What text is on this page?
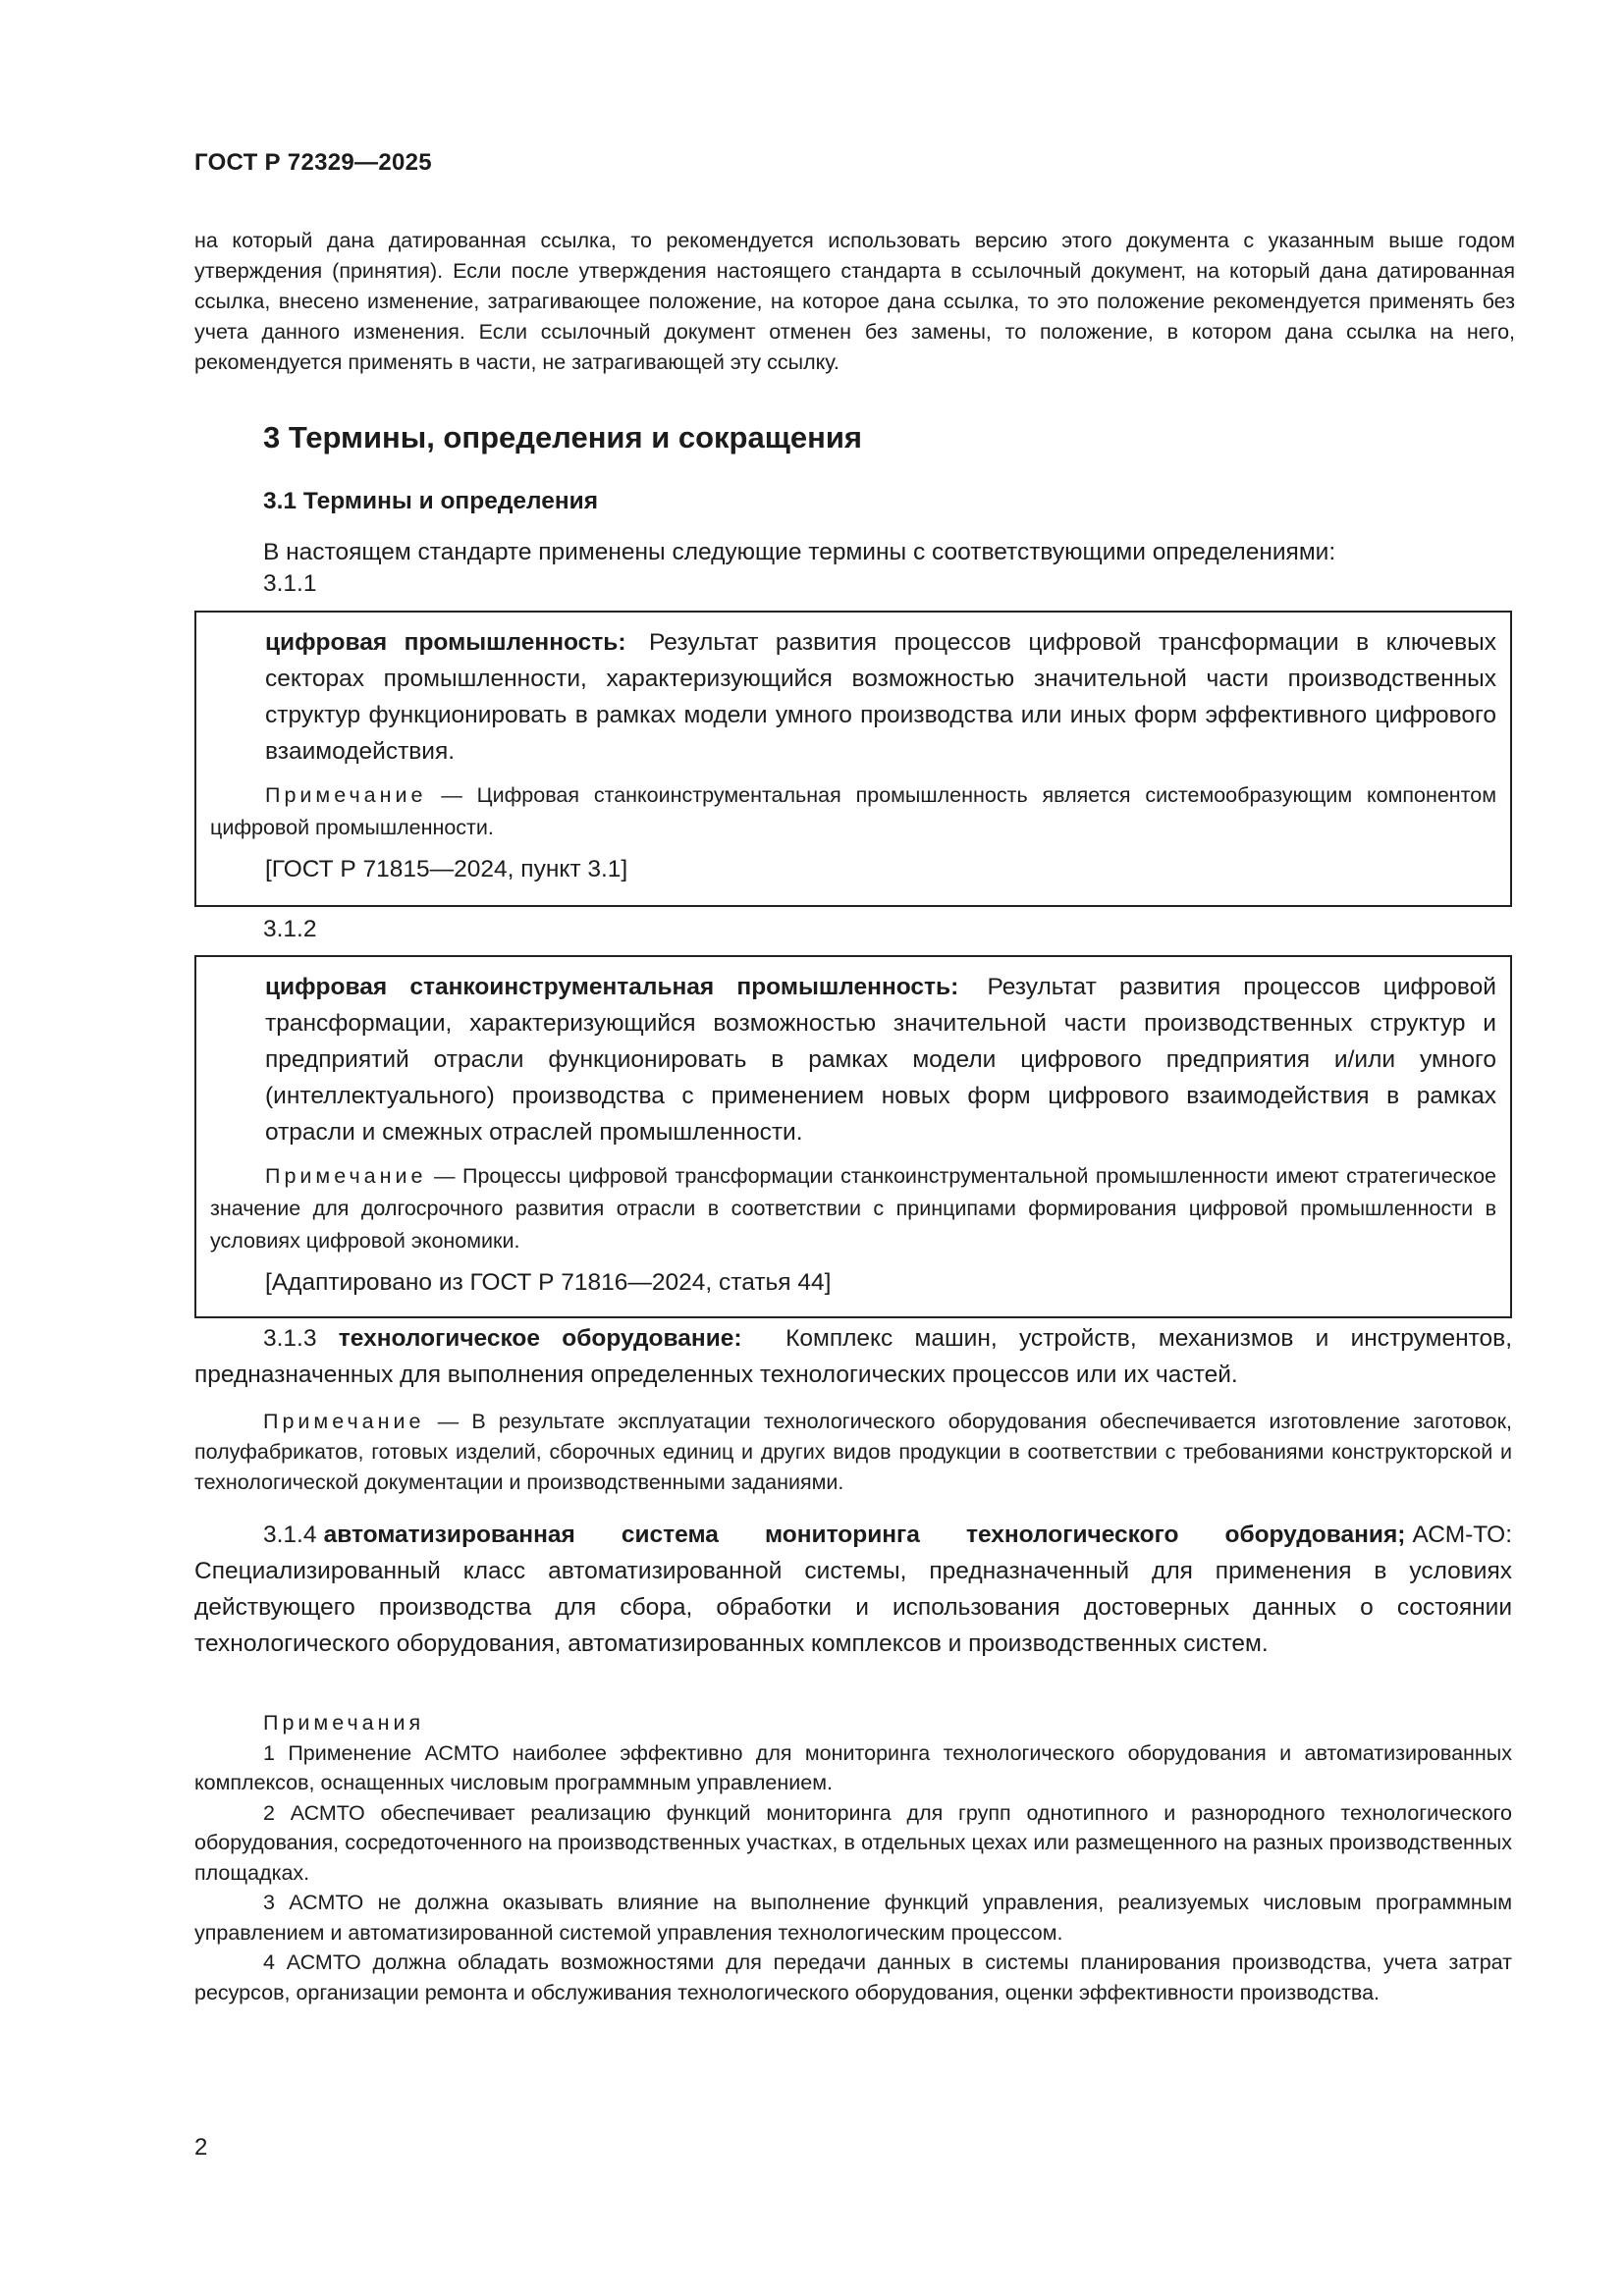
ГОСТ Р 72329—2025
на который дана датированная ссылка, то рекомендуется использовать версию этого документа с указанным выше годом утверждения (принятия). Если после утверждения настоящего стандарта в ссылочный документ, на который дана датированная ссылка, внесено изменение, затрагивающее положение, на которое дана ссылка, то это положение рекомендуется применять без учета данного изменения. Если ссылочный документ отменен без замены, то положение, в котором дана ссылка на него, рекомендуется применять в части, не затрагивающей эту ссылку.
3 Термины, определения и сокращения
3.1 Термины и определения
В настоящем стандарте применены следующие термины с соответствующими определениями:
3.1.1

цифровая промышленность: Результат развития процессов цифровой трансформации в ключевых секторах промышленности, характеризующийся возможностью значительной части производственных структур функционировать в рамках модели умного производства или иных форм эффективного цифрового взаимодействия.

Примечание — Цифровая станкоинструментальная промышленность является системообразующим компонентом цифровой промышленности.

[ГОСТ Р 71815—2024, пункт 3.1]

3.1.2

цифровая станкоинструментальная промышленность: Результат развития процессов цифровой трансформации, характеризующийся возможностью значительной части производственных структур и предприятий отрасли функционировать в рамках модели цифрового предприятия и/или умного (интеллектуального) производства с применением новых форм цифрового взаимодействия в рамках отрасли и смежных отраслей промышленности.

Примечание — Процессы цифровой трансформации станкоинструментальной промышленности имеют стратегическое значение для долгосрочного развития отрасли в соответствии с принципами формирования цифровой промышленности в условиях цифровой экономики.

[Адаптировано из ГОСТ Р 71816—2024, статья 44]

3.1.3 технологическое оборудование: Комплекс машин, устройств, механизмов и инструментов, предназначенных для выполнения определенных технологических процессов или их частей.
Примечание — В результате эксплуатации технологического оборудования обеспечивается изготовление заготовок, полуфабрикатов, готовых изделий, сборочных единиц и других видов продукции в соответствии с требованиями конструкторской и технологической документации и производственными заданиями.
3.1.4 автоматизированная система мониторинга технологического оборудования; АСМ-ТО: Специализированный класс автоматизированной системы, предназначенный для применения в условиях действующего производства для сбора, обработки и использования достоверных данных о состоянии технологического оборудования, автоматизированных комплексов и производственных систем.
Примечания
1 Применение АСМТО наиболее эффективно для мониторинга технологического оборудования и автоматизированных комплексов, оснащенных числовым программным управлением.
2 АСМТО обеспечивает реализацию функций мониторинга для групп однотипного и разнородного технологического оборудования, сосредоточенного на производственных участках, в отдельных цехах или размещенного на разных производственных площадках.
3 АСМТО не должна оказывать влияние на выполнение функций управления, реализуемых числовым программным управлением и автоматизированной системой управления технологическим процессом.
4 АСМТО должна обладать возможностями для передачи данных в системы планирования производства, учета затрат ресурсов, организации ремонта и обслуживания технологического оборудования, оценки эффективности производства.
2
